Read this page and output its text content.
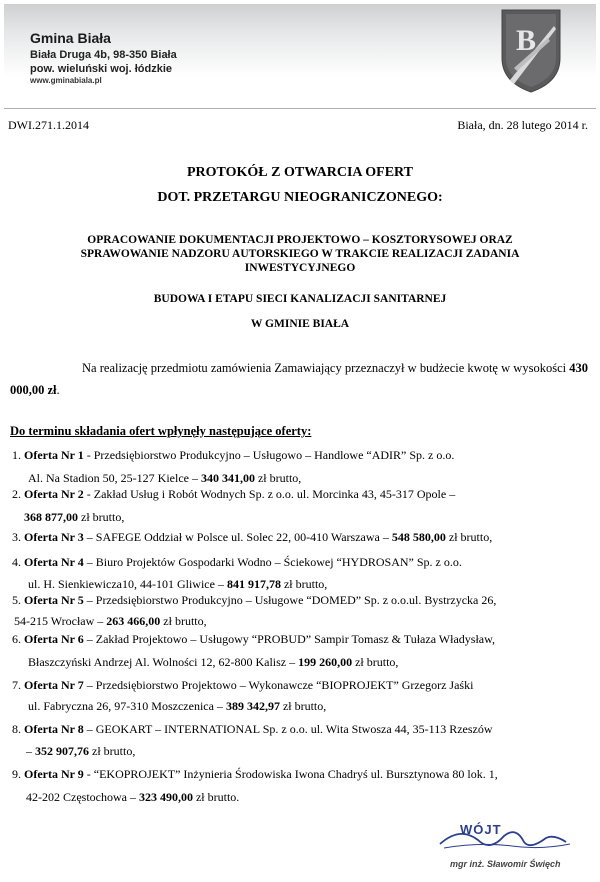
Gmina Biała
Biała Druga 4b, 98-350 Biała
pow. wieluński woj. łódzkie
www.gminabiala.pl
B
DWI.271.1.2014	Biała, dn. 28 lutego 2014 r.
PROTOKÓŁ Z OTWARCIA OFERT
DOT. PRZETARGU NIEOGRANICZONEGO:
OPRACOWANIE DOKUMENTACJI PROJEKTOWO – KOSZTORYSOWEJ ORAZ
SPRAWOWANIE NADZORU AUTORSKIEGO W TRAKCIE REALIZACJI ZADANIA
INWESTYCYJNEGO
BUDOWA I ETAPU SIECI KANALIZACJI SANITARNEJ
W GMINIE BIAŁA
Na realizację przedmiotu zamówienia Zamawiający przeznaczył w budżecie kwotę w wysokości 430 000,00 zł.
Do terminu składania ofert wpłynęły następujące oferty:
1. Oferta Nr 1 - Przedsiębiorstwo Produkcyjno – Usługowo – Handlowe “ADIR” Sp. z o.o.
Al. Na Stadion 50, 25-127 Kielce – 340 341,00 zł brutto,
2. Oferta Nr 2 - Zakład Usług i Robót Wodnych Sp. z o.o. ul. Morcinka 43, 45-317 Opole –
368 877,00 zł brutto,
3. Oferta Nr 3 – SAFEGE Oddział w Polsce ul. Solec 22, 00-410 Warszawa – 548 580,00 zł brutto,
4. Oferta Nr 4 – Biuro Projektów Gospodarki Wodno – Ściekowej “HYDROSAN” Sp. z o.o.
ul. H. Sienkiewicza10, 44-101 Gliwice – 841 917,78 zł brutto,
5. Oferta Nr 5 – Przedsiębiorstwo Produkcyjno – Usługowe “DOMED” Sp. z o.o.ul. Bystrzycka 26,
54-215 Wrocław – 263 466,00 zł brutto,
6. Oferta Nr 6 – Zakład Projektowo – Usługowy “PROBUD” Sampir Tomasz & Tułaza Władysław,
Błaszczyński Andrzej Al. Wolności 12, 62-800 Kalisz – 199 260,00 zł brutto,
7. Oferta Nr 7 – Przedsiębiorstwo Projektowo – Wykonawcze “BIOPROJEKT” Grzegorz Jaśki
ul. Fabryczna 26, 97-310 Moszczenica – 389 342,97 zł brutto,
8. Oferta Nr 8 – GEOKART – INTERNATIONAL Sp. z o.o. ul. Wita Stwosza 44, 35-113 Rzeszów
– 352 907,76 zł brutto,
9. Oferta Nr 9 - “EKOPROJEKT” Inżynieria Środowiska Iwona Chadryś ul. Bursztynowa 80 lok. 1,
42-202 Częstochowa – 323 490,00 zł brutto.
WÓJT
mgr inż. Sławomir Święch
